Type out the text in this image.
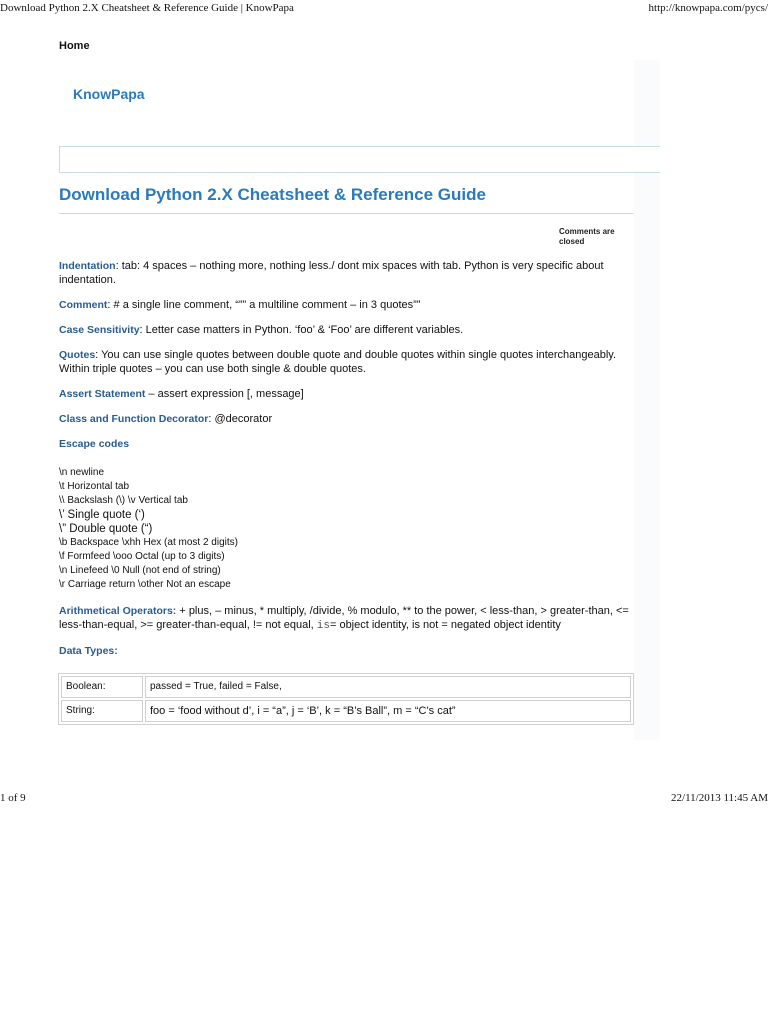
Download Python 2.X Cheatsheet & Reference Guide | KnowPapa	http://knowpapa.com/pycs/
Home
KnowPapa
Download Python 2.X Cheatsheet & Reference Guide
Comments are closed

Indentation: tab: 4 spaces – nothing more, nothing less./ dont mix spaces with tab. Python is very specific about indentation.

Comment: # a single line comment, “”” a multiline comment – in 3 quotes””

Case Sensitivity: Letter case matters in Python. ‘foo’ & ‘Foo’ are different variables.

Quotes: You can use single quotes between double quote and double quotes within single quotes interchangeably. Within triple quotes – you can use both single & double quotes.

Assert Statement – assert expression [, message]

Class and Function Decorator: @decorator

Escape codes
\n newline
\t Horizontal tab
\\ Backslash (\) \v Vertical tab
\’ Single quote (‘)
\” Double quote (“)
\b Backspace \xhh Hex (at most 2 digits)
\f Formfeed \ooo Octal (up to 3 digits)
\n Linefeed \0 Null (not end of string)
\r Carriage return \other Not an escape

Arithmetical Operators: + plus, – minus, * multiply, /divide, % modulo, ** to the power, < less-than, > greater-than, <= less-than-equal, >= greater-than-equal, != not equal, is= object identity, is not = negated object identity

Data Types:
Boolean:	passed = True, failed = False,
String:	foo = ‘food without d’, i = “a”, j = ‘B’, k = “B’s Ball”, m = “C’s cat”
1 of 9	22/11/2013 11:45 AM
